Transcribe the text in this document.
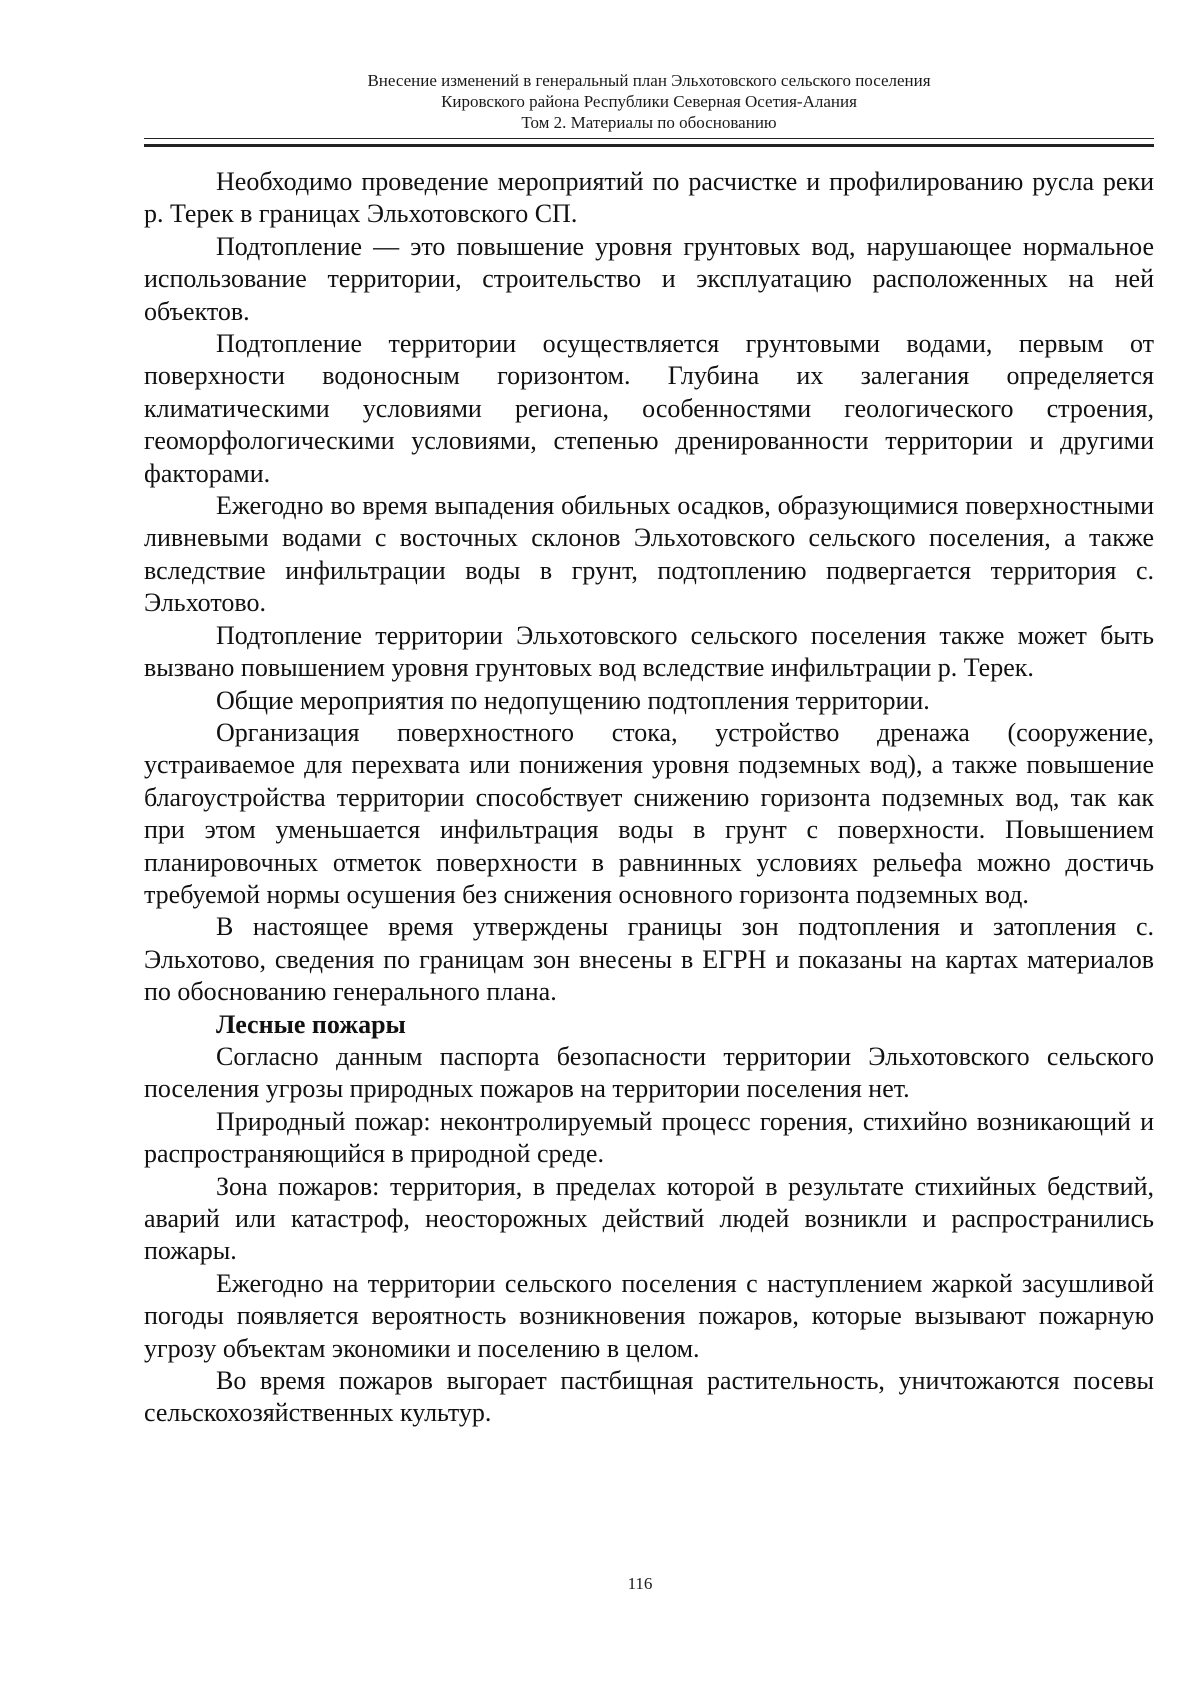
Внесение изменений в генеральный план Эльхотовского сельского поселения
Кировского района Республики Северная Осетия-Алания
Том 2. Материалы по обоснованию

Необходимо проведение мероприятий по расчистке и профилированию русла реки р. Терек в границах Эльхотовского СП.

Подтопление — это повышение уровня грунтовых вод, нарушающее нормальное использование территории, строительство и эксплуатацию расположенных на ней объектов.

Подтопление территории осуществляется грунтовыми водами, первым от поверхности водоносным горизонтом. Глубина их залегания определяется климатическими условиями региона, особенностями геологического строения, геоморфологическими условиями, степенью дренированности территории и другими факторами.

Ежегодно во время выпадения обильных осадков, образующимися поверхностными ливневыми водами с восточных склонов Эльхотовского сельского поселения, а также вследствие инфильтрации воды в грунт, подтоплению подвергается территория с. Эльхотово.

Подтопление территории Эльхотовского сельского поселения также может быть вызвано повышением уровня грунтовых вод вследствие инфильтрации р. Терек.

Общие мероприятия по недопущению подтопления территории.

Организация поверхностного стока, устройство дренажа (сооружение, устраиваемое для перехвата или понижения уровня подземных вод), а также повышение благоустройства территории способствует снижению горизонта подземных вод, так как при этом уменьшается инфильтрация воды в грунт с поверхности. Повышением планировочных отметок поверхности в равнинных условиях рельефа можно достичь требуемой нормы осушения без снижения основного горизонта подземных вод.

В настоящее время утверждены границы зон подтопления и затопления с. Эльхотово, сведения по границам зон внесены в ЕГРН и показаны на картах материалов по обоснованию генерального плана.

Лесные пожары

Согласно данным паспорта безопасности территории Эльхотовского сельского поселения угрозы природных пожаров на территории поселения нет.

Природный пожар: неконтролируемый процесс горения, стихийно возникающий и распространяющийся в природной среде.

Зона пожаров: территория, в пределах которой в результате стихийных бедствий, аварий или катастроф, неосторожных действий людей возникли и распространились пожары.

Ежегодно на территории сельского поселения с наступлением жаркой засушливой погоды появляется вероятность возникновения пожаров, которые вызывают пожарную угрозу объектам экономики и поселению в целом.

Во время пожаров выгорает пастбищная растительность, уничтожаются посевы сельскохозяйственных культур.

116
